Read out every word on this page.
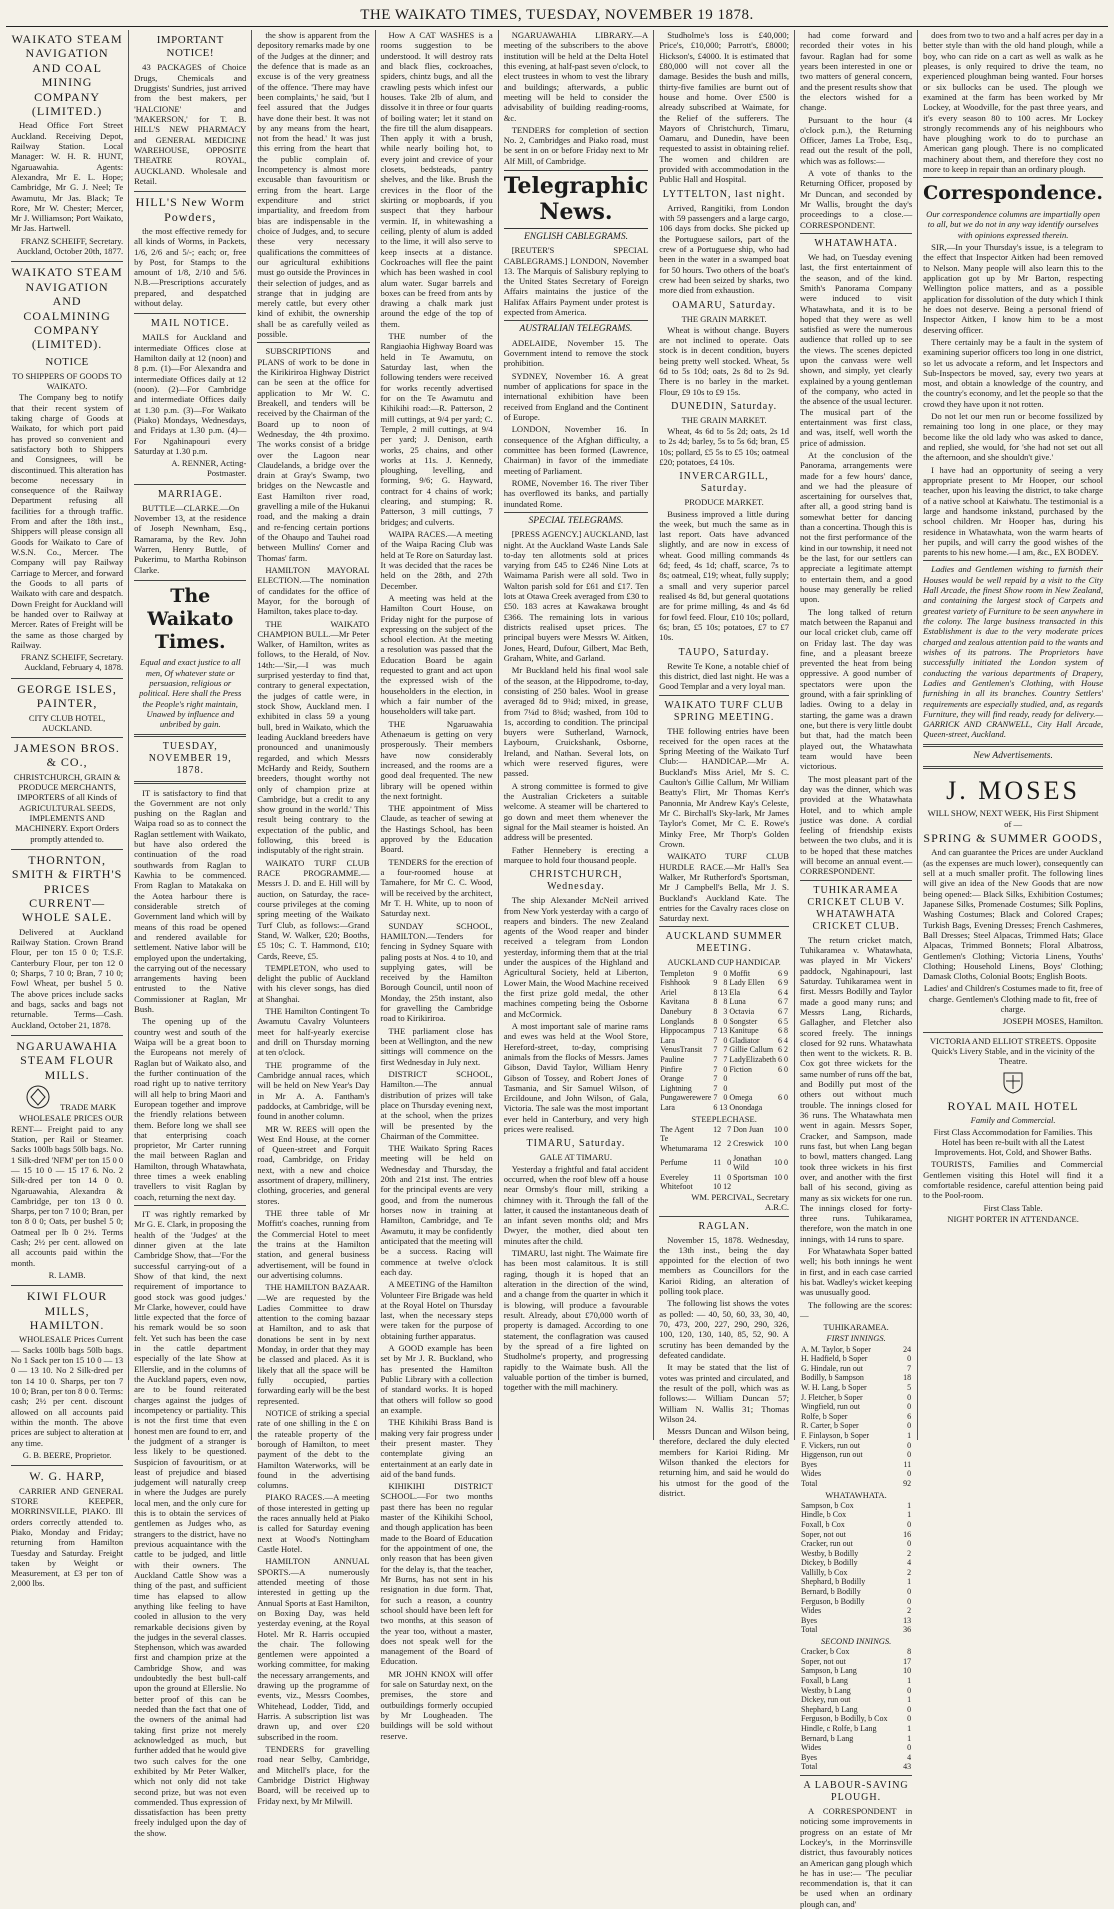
THE WAIKATO TIMES, TUESDAY, NOVEMBER 19 1878.
WAIKATO STEAM NAVIGATION AND COAL MINING COMPANY (LIMITED.)

Head Office Fort Street Auckland. Receiving Depot, Railway Station. Local Manager: W. H. R. HUNT, Ngaruawahia. Agents: Alexandra, Mr E. L. Hope; Cambridge, Mr G. J. Neel; Te Awamutu, Mr Jas. Black; Te Rore, Mr W. Chester; Mercer, Mr J. Williamson; Port Waikato, Mr Jas. Hartwell.

FRANZ SCHEIFF, Secretary. Auckland, October 20th, 1877.

WAIKATO STEAM NAVIGATION AND COALMINING COMPANY (LIMITED).
NOTICE
TO SHIPPERS OF GOODS TO WAIKATO.

The Company beg to notify that their recent system of taking charge of Goods at Waikato, for which port paid has proved so convenient and satisfactory both to Shippers and Consignees, will be discontinued. This alteration has become necessary in consequence of the Railway Department refusing all facilities for a through traffic. From and after the 18th inst., Shippers will please consign all Goods for Waikato to Care of W.S.N. Co., Mercer. The Company will pay Railway Carriage to Mercer, and forward the Goods to all parts of Waikato with care and despatch. Down Freight for Auckland will be handed over to Railway at Mercer. Rates of Freight will be the same as those charged by Railway.

FRANZ SCHEIFF, Secretary. Auckland, February 4, 1878.

GEORGE ISLES, PAINTER,
CITY CLUB HOTEL, AUCKLAND.
JAMESON BROS. & CO.,

CHRISTCHURCH, GRAIN & PRODUCE MERCHANTS, IMPORTERS of all Kinds of AGRICULTURAL SEEDS, IMPLEMENTS AND MACHINERY. Export Orders promptly attended to.

THORNTON, SMITH & FIRTH'S PRICES CURRENT—WHOLE SALE.

Delivered at Auckland Railway Station. Crown Brand Flour, per ton 15 0 0; T.S.F. Canterbury Flour, per ton 12 0 0; Sharps, 7 10 0; Bran, 7 10 0; Fowl Wheat, per bushel 5 0. The above prices include sacks and bags, sacks and bags not returnable. Terms—Cash. Auckland, October 21, 1878.

NGARUAWAHIA STEAM FLOUR MILLS.
TRADE MARK

WHOLESALE PRICES OUR RENT— Freight paid to any Station, per Rail or Steamer. Sacks 100lb bags 50lb bags. No. 1 Silk-dred 'NFM' per ton 15 0 0 — 15 10 0 — 15 17 6. No. 2 Silk-dred per ton 14 0 0. Ngaruawahia, Alexandra & Cambridge, per ton 13 0 0. Sharps, per ton 7 10 0; Bran, per ton 8 0 0; Oats, per bushel 5 0; Oatmeal per lb 0 2½. Terms Cash; 2½ per cent. allowed on all accounts paid within the month.

R. LAMB.

KIWI FLOUR MILLS, HAMILTON.

WHOLESALE Prices Current— Sacks 100lb bags 50lb bags. No 1 Sack per ton 15 10 0 — 13 0 — 13 10. No 2 Silk-dred per ton 14 10 0. Sharps, per ton 7 10 0; Bran, per ton 8 0 0. Terms: cash; 2½ per cent. discount allowed on all accounts paid within the month. The above prices are subject to alteration at any time.

G. B. BEERE, Proprietor.

W. G. HARP,

CARRIER AND GENERAL STORE KEEPER, MORRINSVILLE, PIAKO. Ill orders correctly attended to. Piako, Monday and Friday; returning from Hamilton Tuesday and Saturday. Freight taken by Weight or Measurement, at £3 per ton of 2,000 lbs.

IMPORTANT NOTICE!

43 PACKAGES of Choice Drugs, Chemicals and Druggists' Sundries, just arrived from the best makers, per 'HALCIONE' and 'MAKERSON,' for T. B. HILL'S NEW PHARMACY and GENERAL MEDICINE WAREHOUSE, OPPOSITE THEATRE ROYAL, AUCKLAND. Wholesale and Retail.

HILL'S New Worm Powders,

the most effective remedy for all kinds of Worms, in Packets, 1/6, 2/6 and 5/-; each; or, free by Post, for Stamps to the amount of 1/8, 2/10 and 5/6. N.B.—Prescriptions accurately prepared, and despatched without delay.

MAIL NOTICE.

MAILS for Auckland and intermediate Offices close at Hamilton daily at 12 (noon) and 8 p.m. (1)—For Alexandra and intermediate Offices daily at 12 (noon). (2)—For Cambridge and intermediate Offices daily at 1.30 p.m. (3)—For Waikato (Piako) Mondays, Wednesdays, and Fridays at 1.30 p.m. (4)—For Ngahinapouri every Saturday at 1.30 p.m.

A. RENNER, Acting-Postmaster.

MARRIAGE.

BUTTLE—CLARKE.—On November 13, at the residence of Joseph Newnham, Esq., Ramarama, by the Rev. John Warren, Henry Buttle, of Pukerimu, to Martha Robinson Clarke.

The Waikato Times.

Equal and exact justice to all men, Of whatever state or persuasion, religious or political. Here shall the Press the People's right maintain, Unawed by influence and unbribed by gain.

TUESDAY, NOVEMBER 19, 1878.

IT is satisfactory to find that the Government are not only pushing on the Raglan and Waipa road so as to connect the Raglan settlement with Waikato, but have also ordered the continuation of the road southwards from Raglan to Kawhia to be commenced. From Raglan to Matakaka on the Aotea harbour there is considerable stretch of Government land which will by means of this road be opened and rendered available for settlement. Native labor will be employed upon the undertaking, the carrying out of the necessary arrangements having been entrusted to the Native Commissioner at Raglan, Mr Bush.

The opening up of the country west and south of the Waipa will be a great boon to the Europeans not merely of Raglan but of Waikato also, and the further continuation of the road right up to native territory will all help to bring Maori and European together and improve the friendly relations between them. Before long we shall see that enterprising coach proprietor, Mr Carter running the mail between Raglan and Hamilton, through Whatawhata, three times a week enabling travellers to visit Raglan by coach, returning the next day.

IT was rightly remarked by Mr G. E. Clark, in proposing the health of the 'Judges' at the dinner given at the late Cambridge Show, that—'For the successful carrying-out of a Show of that kind, the next requirement of importance to good stock was good judges.' Mr Clarke, however, could have little expected that the force of his remark would be so soon felt. Yet such has been the case in the cattle department especially of the late Show at Ellerslie, and in the columns of the Auckland papers, even now, are to be found reiterated charges against the judges of incompetency or partiality. This is not the first time that even honest men are found to err, and the judgment of a stranger is less likely to be questioned. Suspicion of favouritism, or at least of prejudice and biased judgement will naturally creep in where the Judges are purely local men, and the only cure for this is to obtain the services of gentlemen as Judges who, as strangers to the district, have no previous acquaintance with the cattle to be judged, and little with their owners. The Auckland Cattle Show was a thing of the past, and sufficient time has elapsed to allow anything like feeling to have cooled in allusion to the very remarkable decisions given by the judges in the several classes. Stephenson, which was awarded first and champion prize at the Cambridge Show, and was undoubtedly the best bull-calf upon the ground at Ellerslie. No better proof of this can be needed than the fact that one of the owners of the animal had taking first prize not merely acknowledged as much, but further added that he would give two such calves for the one exhibited by Mr Peter Walker, which not only did not take second prize, but was not even commended. Thus expression of dissatisfaction has been pretty freely indulged upon the day of the show.

the show is apparent from the depository remarks made by one of the Judges at the dinner; and the defence that is made as an excuse is of the very greatness of the offence. 'There may have been complaints,' he said, 'but I feel assured that the Judges have done their best. It was not by any means from the heart, not from the head.' It was just this erring from the heart that the public complain of. Incompetency is almost more excusable than favouritism or erring from the heart. Large expenditure and strict impartiality, and freedom from bias are indispensable in the choice of Judges, and, to secure these very necessary qualifications the committees of our agricultural exhibitions must go outside the Provinces in their selection of judges, and as strange that in judging are merely cattle, but every other kind of exhibit, the ownership shall be as carefully veiled as possible.

SUBSCRIPTIONS and PLANS of work to be done in the Kirikiriroa Highway District can be seen at the office for application to Mr W. C. Breakell, and tenders will be received by the Chairman of the Board up to noon of Wednesday, the 4th proximo. The works consist of a bridge over the Lagoon near Claudelands, a bridge over the drain at Gray's Swamp, two bridges on the Newcastle and East Hamilton river road, gravelling a mile of the Hukanui road, and the making a drain and re-fencing certain portions of the Ohaupo and Tauhei road between Mullins' Corner and Thomas' farm.

HAMILTON MAYORAL ELECTION.—The nomination of candidates for the office of Mayor, for the borough of Hamilton, takes place to-day.

THE WAIKATO CHAMPION BULL.—Mr Peter Walker, of Hamilton, writes as follows, to the Herald, of Nov. 14th:—'Sir,—I was much surprised yesterday to find that, contrary to general expectation, the judges of cattle were, in stock Show, Auckland men. I exhibited in class 59 a young bull, bred in Waikato, which the leading Auckland breeders have pronounced and unanimously regarded, and which Messrs McHardy and Reidy, Southern breeders, thought worthy not only of champion prize at Cambridge, but a credit to any show ground in the world.' This result being contrary to the expectation of the public, and following, this breed is indisputably of the right strain.

WAIKATO TURF CLUB RACE PROGRAMME.—Messrs J. D. and E. Hill will by auction, on Saturday, the race-course privileges at the coming spring meeting of the Waikato Turf Club, as follows:—Grand Stand, W. Walker, £20; Booths, £5 10s; C. T. Hammond, £10; Cards, Reeve, £5.

TEMPLETON, who used to delight the public of Auckland with his clever songs, has died at Shanghai.

THE Hamilton Contingent To Awamutu Cavalry Volunteers meet for half-yearly exercise and drill on Thursday morning at ten o'clock.

THE programme of the Cambridge annual races, which will be held on New Year's Day in Mr A. A. Fantham's paddocks, at Cambridge, will be found in another column.

MR W. REES will open the West End House, at the corner of Queen-street and Forquit road, Cambridge, on Friday next, with a new and choice assortment of drapery, millinery, clothing, groceries, and general stores.

THE three table of Mr Moffitt's coaches, running from the Commercial Hotel to meet the trains at the Hamilton station, and general business advertisement, will be found in our advertising columns.

THE HAMILTON BAZAAR.—We are requested by the Ladies Committee to draw attention to the coming bazaar at Hamilton, and to ask that donations be sent in by next Monday, in order that they may be classed and placed. As it is likely that all the space will be fully occupied, parties forwarding early will be the best represented.

NOTICE of striking a special rate of one shilling in the £ on the rateable property of the borough of Hamilton, to meet payment of the debt to the Hamilton Waterworks, will be found in the advertising columns.

PIAKO RACES.—A meeting of those interested in getting up the races annually held at Piako is called for Saturday evening next at Wood's Nottingham Castle Hotel.

HAMILTON ANNUAL SPORTS.—A numerously attended meeting of those interested in getting up the Annual Sports at East Hamilton, on Boxing Day, was held yesterday evening, at the Royal Hotel. Mr R. Harris occupied the chair. The following gentlemen were appointed a working committee, for making the necessary arrangements, and drawing up the programme of events, viz., Messrs Coombes, Whitehead, Lodder, Tidd, and Harris. A subscription list was drawn up, and over £20 subscribed in the room.

TENDERS for gravelling road near Selby, Cambridge, and Mitchell's place, for the Cambridge District Highway Board, will be received up to Friday next, by Mr Milwill.

How A CAT WASHES is a rooms suggestion to be understood. It will destroy rats and black flies, cockroaches, spiders, chintz bugs, and all the crawling pests which infest our houses. Take 2lb of alum, and dissolve it in three or four quarts of boiling water; let it stand on the fire till the alum disappears. Then apply it with a brush, while nearly boiling hot, to every joint and crevice of your closets, bedsteads, pantry shelves, and the like. Brush the crevices in the floor of the skirting or mopboards, if you suspect that they harbour vermin. If, in whitewashing a ceiling, plenty of alum is added to the lime, it will also serve to keep insects at a distance. Cockroaches will flee the paint which has been washed in cool alum water. Sugar barrels and boxes can be freed from ants by drawing a chalk mark just around the edge of the top of them.

THE number of the Rangiaohia Highway Board was held in Te Awamutu, on Saturday last, when the following tenders were received for works recently advertised for on the Te Awamutu and Kihikihi road:—R. Patterson, 2 mill cuttings, at 9/4 per yard; C. Temple, 2 mill cuttings, at 9/4 per yard; J. Denison, earth works, 25 chains, and other works at 11s. J. Kennedy, ploughing, levelling, and forming, 9/6; G. Hayward, contract for 4 chains of work; clearing, and stumping; R. Patterson, 3 mill cuttings, 7 bridges; and culverts.

WAIPA RACES.—A meeting of the Waipa Racing Club was held at Te Rore on Saturday last. It was decided that the races be held on the 28th, and 27th December.

A meeting was held at the Hamilton Court House, on Friday night for the purpose of expressing on the subject of the school election. At the meeting a resolution was passed that the Education Board be again requested to grant and act upon the expressed wish of the householders in the election, in which a fair number of the householders will take part.

THE Ngaruawahia Athenaeum is getting on very prosperously. Their members have now considerably increased, and the rooms are a good deal frequented. The new library will be opened within the next fortnight.

THE appointment of Miss Claude, as teacher of sewing at the Hastings School, has been approved by the Education Board.

TENDERS for the erection of a four-roomed house at Tamahere, for Mr C. C. Wood, will be received by the architect, Mr T. H. White, up to noon of Saturday next.

SUNDAY SCHOOL, HAMILTON.—Tenders for fencing in Sydney Square with paling posts at Nos. 4 to 10, and supplying gates, will be received by the Hamilton Borough Council, until noon of Monday, the 25th instant, also for gravelling the Cambridge road to Kirikiriroa.

THE parliament close has been at Wellington, and the new sittings will commence on the first Wednesday in July next.

DISTRICT SCHOOL, Hamilton.—The annual distribution of prizes will take place on Thursday evening next, at the school, when the prizes will be presented by the Chairman of the Committee.

THE Waikato Spring Races meeting will be held on Wednesday and Thursday, the 20th and 21st inst. The entries for the principal events are very good, and from the numerous horses now in training at Hamilton, Cambridge, and Te Awamutu, it may be confidently anticipated that the meeting will be a success. Racing will commence at twelve o'clock each day.

A MEETING of the Hamilton Volunteer Fire Brigade was held at the Royal Hotel on Thursday last, when the necessary steps were taken for the purpose of obtaining further apparatus.

A GOOD example has been set by Mr J. R. Buckland, who has presented the Hamilton Public Library with a collection of standard works. It is hoped that others will follow so good an example.

THE Kihikihi Brass Band is making very fair progress under their present master. They contemplate giving an entertainment at an early date in aid of the band funds.

KIHIKIHI DISTRICT SCHOOL.—For two months past there has been no regular master of the Kihikihi School, and though application has been made to the Board of Education for the appointment of one, the only reason that has been given for the delay is, that the teacher, Mr Burns, has not sent in his resignation in due form. That, for such a reason, a country school should have been left for two months, at this season of the year too, without a master, does not speak well for the management of the Board of Education.

MR JOHN KNOX will offer for sale on Saturday next, on the premises, the store and outbuildings formerly occupied by Mr Lougheaden. The buildings will be sold without reserve.

NGARUAWAHIA LIBRARY.—A meeting of the subscribers to the above institution will be held at the Delta Hotel this evening, at half-past seven o'clock, to elect trustees in whom to vest the library and buildings; afterwards, a public meeting will be held to consider the advisability of building reading-rooms, &c.

TENDERS for completion of section No. 2, Cambridges and Piako road, must be sent in on or before Friday next to Mr Alf Mill, of Cambridge.

Telegraphic News.
ENGLISH CABLEGRAMS.

[REUTER'S SPECIAL CABLEGRAMS.] LONDON, November 13. The Marquis of Salisbury replying to the United States Secretary of Foreign Affairs maintains the justice of the Halifax Affairs Payment under protest is expected from America.

AUSTRALIAN TELEGRAMS.

ADELAIDE, November 15. The Government intend to remove the stock prohibition.

SYDNEY, November 16. A great number of applications for space in the international exhibition have been received from England and the Continent of Europe.

LONDON, November 16. In consequence of the Afghan difficulty, a committee has been formed (Lawrence, Chairman) in favor of the immediate meeting of Parliament.

ROME, November 16. The river Tiber has overflowed its banks, and partially inundated Rome.

SPECIAL TELEGRAMS.

[PRESS AGENCY.] AUCKLAND, last night. At the Auckland Waste Lands Sale to-day ten allotments sold at prices varying from £45 to £246 Nine Lots at Waimama Parish were all sold. Two in Walton parish sold for £61 and £17. Ten lots at Otawa Creek averaged from £30 to £50. 183 acres at Kawakawa brought £366. The remaining lots in various districts realised upset prices. The principal buyers were Messrs W. Aitken, Jones, Heard, Dufour, Gilbert, Mac Beth, Graham, White, and Garland.

Mr Buckland held his final wool sale of the season, at the Hippodrome, to-day, consisting of 250 bales. Wool in grease averaged 8d to 9¾d; mixed, in grease, from 7¼d to 8¾d; washed, from 10d to 1s, according to condition. The principal buyers were Sutherland, Warnock, Laybourn, Cruickshank, Osborne, Ireland, and Nathan. Several lots, on which were reserved figures, were passed.

A strong committee is formed to give the Australian Cricketers a suitable welcome. A steamer will be chartered to go down and meet them whenever the signal for the Mail steamer is hoisted. An address will be presented.

Father Hennebery is erecting a marquee to hold four thousand people.

CHRISTCHURCH, Wednesday.

The ship Alexander McNeil arrived from New York yesterday with a cargo of reapers and binders. The new Zealand agents of the Wood reaper and binder received a telegram from London yesterday, informing them that at the trial under the auspices of the Highland and Agricultural Society, held at Liberton, Lower Main, the Wood Machine received the first prize gold medal, the other machines competing being the Osborne and McCormick.

A most important sale of marine rams and ewes was held at the Wool Store, Hereford-street, to-day, comprising animals from the flocks of Messrs. James Gibson, David Taylor, William Henry Gibson of Tossey, and Robert Jones of Tasmania, and Sir Samuel Wilson, of Ercildoune, and John Wilson, of Gala, Victoria. The sale was the most important ever held in Canterbury, and very high prices were realised.

TIMARU, Saturday.
GALE AT TIMARU.

Yesterday a frightful and fatal accident occurred, when the roof blew off a house near Ormsby's flour mill, striking a chimney with it. Through the fall of the latter, it caused the instantaneous death of an infant seven months old; and Mrs Dwyer, the mother, died about ten minutes after the child.

TIMARU, last night. The Waimate fire has been most calamitous. It is still raging, though it is hoped that an alteration in the direction of the wind, and a change from the quarter in which it is blowing, will produce a favourable result. Already, about £70,000 worth of property is damaged. According to one statement, the conflagration was caused by the spread of a fire lighted on Studholme's property, and progressing rapidly to the Waimate bush. All the valuable portion of the timber is burned, together with the mill machinery.

Studholme's loss is £40,000; Price's, £10,000; Parrott's, £8000; Hickson's, £4000. It is estimated that £80,000 will not cover all the damage. Besides the bush and mills, thirty-five families are burnt out of house and home. Over £500 is already subscribed at Waimate, for the Relief of the sufferers. The Mayors of Christchurch, Timaru, Oamaru, and Dunedin, have been requested to assist in obtaining relief. The women and children are provided with accommodation in the Public Hall and Hospital.

LYTTELTON, last night.

Arrived, Rangitiki, from London with 59 passengers and a large cargo, 106 days from docks. She picked up the Portuguese sailors, part of the crew of a Portuguese ship, who had been in the water in a swamped boat for 50 hours. Two others of the boat's crew had been seized by sharks, two more died from exhaustion.

OAMARU, Saturday.
THE GRAIN MARKET.

Wheat is without change. Buyers are not inclined to operate. Oats stock is in decent condition, buyers being pretty well stocked. Wheat, 5s 6d to 5s 10d; oats, 2s 8d to 2s 9d. There is no barley in the market. Flour, £9 10s to £9 15s.

DUNEDIN, Saturday.
THE GRAIN MARKET.

Wheat, 4s 6d to 5s 2d; oats, 2s 1d to 2s 4d; barley, 5s to 5s 6d; bran, £5 10s; pollard, £5 5s to £5 10s; oatmeal £20; potatoes, £4 10s.

INVERCARGILL, Saturday.
PRODUCE MARKET.

Business improved a little during the week, but much the same as in last report. Oats have advanced slightly, and are now in excess of wheat. Good milling commands 4s 6d; feed, 4s 1d; chaff, scarce, 7s to 8s; oatmeal, £19; wheat, fully supply; a small and very superior parcel realised 4s 8d, but general quotations are for prime milling, 4s and 4s 6d for fowl feed. Flour, £10 10s; pollard, 6s; bran, £5 10s; potatoes, £7 to £7 10s.

TAUPO, Saturday.

Rewite Te Kone, a notable chief of this district, died last night. He was a Good Templar and a very loyal man.

WAIKATO TURF CLUB SPRING MEETING.

THE following entries have been received for the open races at the Spring Meeting of the Waikato Turf Club:— HANDICAP.—Mr A. Buckland's Miss Ariel, Mr S. C. Caulton's Gillie Callum, Mr William Beatty's Flirt, Mr Thomas Kerr's Panonnia, Mr Andrew Kay's Celeste, Mr C. Birchall's Sky-lark, Mr James Taylor's Comet, Mr C. E. Rowe's Minky Free, Mr Thorp's Golden Crown.

WAIKATO TURF CLUB HURDLE RACE.—Mr Hall's Sea Walker, Mr Rutherford's Sportsman, Mr J Campbell's Bella, Mr J. S. Buckland's Auckland Kate. The entries for the Cavalry races close on Saturday next.

AUCKLAND SUMMER MEETING.
AUCKLAND CUP HANDICAP.
Templeton	9	0	Moffit	6	9
Fishhook	9	8	Lady Ellen	6	9
Ariel	8	13	Ela	6	4
Kavitana	8	8	Luna	6	7
Danebury	8	3	Octavia	6	7
Longlands	8	0	Songster	6	5
Hippocampus	7	13	Kanitupe	6	8
Lara	7	0	Gladiator	6	4
VenusTransit	7	7	Gillie Callum	6	2
Pauline	7	7	LadyElizabeth	6	0
Pinfire	7	0	Fiction	6	0
Orange	7	0			
Lightning	7	0			
Pungawerewere	7	0	Omega	6	0
Lara	6	13	Onondaga		
STEEPLECHASE.
The Agent	12	7	Don Juan	10	0
Te Whetumarama	12	2	Creswick	10	0
Perfume	11	0	Jonathan Wild	10	0
Evereley	11	0	Sportsman	10	0
Whitefoot	10	12			

WM. PERCIVAL, Secretary A.R.C.

RAGLAN.

November 15, 1878. Wednesday, the 13th inst., being the day appointed for the election of two members as Councillors for the Karioi Riding, an alteration of polling took place.

The following list shows the votes as polled: — 40, 50, 60, 33, 30, 40, 70, 473, 200, 227, 290, 290, 326, 100, 120, 130, 140, 85, 52, 90. A scrutiny has been demanded by the defeated candidate.

It may be stated that the list of votes was printed and circulated, and the result of the poll, which was as follows:— William Duncan 57; William N. Wallis 31; Thomas Wilson 24.

Messrs Duncan and Wilson being, therefore, declared the duly elected members for Karioi Riding. Mr Wilson thanked the electors for returning him, and said he would do his utmost for the good of the district.

had come forward and recorded their votes in his favour. Raglan had for some years been interested in one or two matters of general concern, and the present results show that the electors wished for a change.

Pursuant to the hour (4 o'clock p.m.), the Returning Officer, James La Trobe, Esq., read out the result of the poll, which was as follows:—

A vote of thanks to the Returning Officer, proposed by Mr Duncan, and seconded by Mr Wallis, brought the day's proceedings to a close.—CORRESPONDENT.

WHATAWHATA.

We had, on Tuesday evening last, the first entertainment of the season, and of the kind. Smith's Panorama Company were induced to visit Whatawhata, and it is to be hoped that they were as well satisfied as were the numerous audience that rolled up to see the views. The scenes depicted upon the canvass were well shown, and simply, yet clearly explained by a young gentleman of the company, who acted in the absence of the usual lecturer. The musical part of the entertainment was first class, and was, itself, well worth the price of admission.

At the conclusion of the Panorama, arrangements were made for a few hours' dance, and we had the pleasure of ascertaining for ourselves that, after all, a good string band is somewhat better for dancing than a concertina. Though this is not the first performance of the kind in our township, it need not be the last, for our settlers can appreciate a legitimate attempt to entertain them, and a good house may generally be relied upon.

The long talked of return match between the Rapanui and our local cricket club, came off on Friday last. The day was fine, and a pleasant breeze prevented the heat from being oppressive. A good number of spectators were upon the ground, with a fair sprinkling of ladies. Owing to a delay in starting, the game was a drawn one, but there is very little doubt but that, had the match been played out, the Whatawhata team would have been victorious.

The most pleasant part of the day was the dinner, which was provided at the Whatawhata Hotel, and to which ample justice was done. A cordial feeling of friendship exists between the two clubs, and it is to be hoped that these matches will become an annual event.—CORRESPONDENT.

TUHIKARAMEA CRICKET CLUB V. WHATAWHATA CRICKET CLUB.

The return cricket match, Tuhikaramea v. Whatawhata, was played in Mr Vickers' paddock, Ngahinapouri, last Saturday. Tuhikaramea went in first. Messrs Bodilly and Taylor made a good many runs; and Messrs Lang, Richards, Gallagher, and Fletcher also scored freely. The innings closed for 92 runs. Whatawhata then went to the wickets. R. B. Cox got three wickets for the same number of runs off the bat, and Bodilly put most of the others out without much trouble. The innings closed for 36 runs. The Whatawhata men went in again. Messrs Soper, Cracker, and Sampson, made runs fast, but when Lang began to bowl, matters changed. Lang took three wickets in his first over, and another with the first ball of his second, giving as many as six wickets for one run. The innings closed for forty-three runs. Tuhikaramea, therefore, won the match in one innings, with 14 runs to spare.

For Whatawhata Soper batted well; his both innings he went in first, and in each case carried his bat. Wadley's wicket keeping was unusually good.

The following are the scores:—

TUHIKARAMEA.
FIRST INNINGS.
A. M. Taylor, b Soper	24
H. Hadfield, b Soper	0
G. Hindale, run out	7
Bodilly, b Sampson	18
W. H. Lang, b Soper	5
J. Fletcher, b Soper	0
Wingfield, run out	0
Rolfe, b Soper	6
R. Carter, b Soper	0
F. Finlayson, b Soper	1
F. Vickers, run out	0
Higgenson, run out	0
Byes	11
Wides	0
Total	92
WHATAWHATA.
Sampson, b Cox	1
Hindle, b Cox	1
Foxall, b Cox	0
Soper, not out	16
Cracker, run out	0
Westby, b Bodilly	2
Dickey, b Bodilly	4
Vallilly, b Cox	2
Shephard, b Bodilly	1
Bernard, b Bodilly	0
Ferguson, b Bodilly	0
Wides	2
Byes	13
Total	36
SECOND INNINGS.
Cracker, b Cox	8
Soper, not out	17
Sampson, b Lang	10
Foxall, b Lang	1
Westby, b Lang	0
Dickey, run out	1
Shephard, b Lang	0
Ferguson, b Bodilly, b Cox	0
Hindle, c Rolfe, b Lang	1
Bernard, b Lang	1
Wides	0
Byes	4
Total	43
A LABOUR-SAVING PLOUGH.

A CORRESPONDENT in noticing some improvements in progress on an estate of Mr Lockey's, in the Morrinsville district, thus favourably notices an American gang plough which he has in use:— 'The peculiar recommendation is, that it can be used when an ordinary plough can, and'

does from two to two and a half acres per day in a better style than with the old hand plough, while a boy, who can ride on a cart as well as walk as he pleases, is only required to drive the team, no experienced ploughman being wanted. Four horses or six bullocks can be used. The plough we examined at the farm has been worked by Mr Lockey, at Woodville, for the past three years, and it's every season 80 to 100 acres. Mr Lockey strongly recommends any of his neighbours who have ploughing work to do to purchase an American gang plough. There is no complicated machinery about them, and therefore they cost no more to keep in repair than an ordinary plough.

Correspondence.

Our correspondence columns are impartially open to all, but we do not in any way identify ourselves with opinions expressed therein.

SIR,—In your Thursday's issue, is a telegram to the effect that Inspector Aitken had been removed to Nelson. Many people will also learn this to the application got up by Mr Barton, respecting Wellington police matters, and as a possible application for dissolution of the duty which I think he does not deserve. Being a personal friend of Inspector Aitken, I know him to be a most deserving officer.

There certainly may be a fault in the system of examining superior officers too long in one district, so let us advocate a reform, and let Inspectors and Sub-Inspectors be moved, say, every two years at most, and obtain a knowledge of the country, and the country's economy, and let the people so that the crowd they have upon it not rotten.

Do not let our men run or become fossilized by remaining too long in one place, or they may become like the old lady who was asked to dance, and replied, she would, for 'she had not set out all the afternoon, and she shouldn't give.'

I have had an opportunity of seeing a very appropriate present to Mr Hooper, our school teacher, upon his leaving the district, to take charge of a native school at Kaiwhatu. The testimonial is a large and handsome inkstand, purchased by the school children. Mr Hooper has, during his residence in Whatawhata, won the warm hearts of her pupils, and will carry the good wishes of the parents to his new home.—I am, &c., EX BODEY.

Ladies and Gentlemen wishing to furnish their Houses would be well repaid by a visit to the City Hall Arcade, the finest Show room in New Zealand, and containing the largest stock of Carpets and greatest variety of Furniture to be seen anywhere in the colony. The large business transacted in this Establishment is due to the very moderate prices charged and zealous attention paid to the wants and wishes of its patrons. The Proprietors have successfully initiated the London system of conducting the various departments of Drapery, Ladies and Gentlemen's Clothing, with House furnishing in all its branches. Country Settlers' requirements are especially studied, and, as regards Furniture, they will find ready, ready for delivery.—GARRICK AND CRANWELL, City Hall Arcade, Queen-street, Auckland.

New Advertisements.
J. MOSES

WILL SHOW, NEXT WEEK, His First Shipment of —

SPRING & SUMMER GOODS,

And can guarantee the Prices are under Auckland (as the expenses are much lower), consequently can sell at a much smaller profit. The following lines will give an idea of the New Goods that are now being opened:— Black Silks, Exhibition Costumes; Japanese Silks, Promenade Costumes; Silk Poplins, Washing Costumes; Black and Colored Crapes; Turkish Bags, Evening Dresses; French Cashmeres, Ball Dresses; Steel Alpacas, Trimmed Hats; Glace Alpacas, Trimmed Bonnets; Floral Albatross, Gentlemen's Clothing; Victoria Linens, Youths' Clothing; Household Linens, Boys' Clothing; Damask Cloths, Colonial Boots; English Boots.

Ladies' and Children's Costumes made to fit, free of charge. Gentlemen's Clothing made to fit, free of charge.

JOSEPH MOSES, Hamilton.

VICTORIA AND ELLIOT STREETS. Opposite Quick's Livery Stable, and in the vicinity of the Theatre.

ROYAL MAIL HOTEL
Family and Commercial.

First Class Accommodation for Families. This Hotel has been re-built with all the Latest Improvements. Hot, Cold, and Shower Baths.

TOURISTS, Families and Commercial Gentlemen visiting this Hotel will find it a comfortable residence, careful attention being paid to the Pool-room.

First Class Table.
NIGHT PORTER IN ATTENDANCE.
